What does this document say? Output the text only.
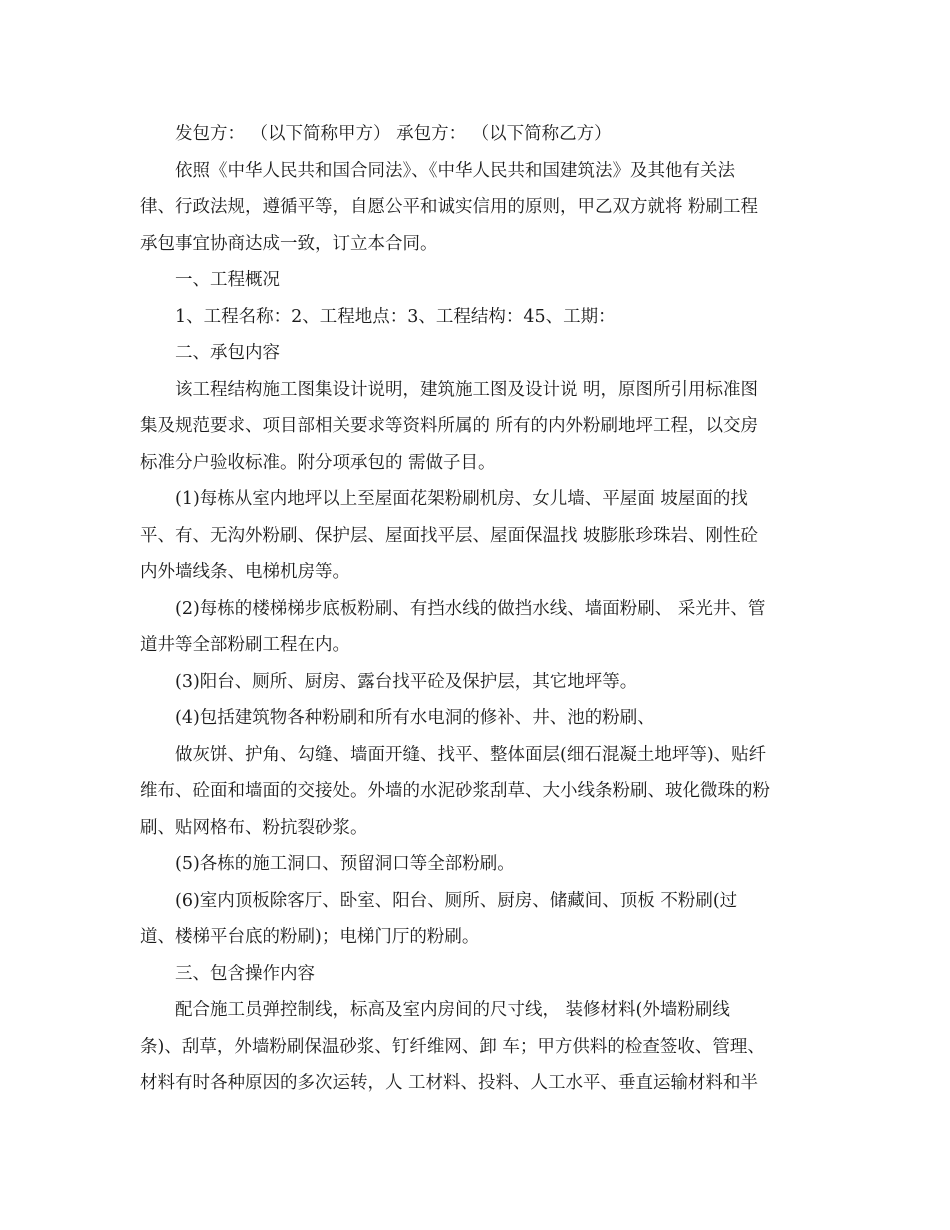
发包方： （以下简称甲方） 承包方： （以下简称乙方）

依照《中华人民共和国合同法》、《中华人民共和国建筑法》及其他有关法

律、行政法规，遵循平等，自愿公平和诚实信用的原则，甲乙双方就将 粉刷工程

承包事宜协商达成一致，订立本合同。

一、工程概况

1、工程名称：2、工程地点：3、工程结构：45、工期：

二、承包内容

该工程结构施工图集设计说明，建筑施工图及设计说 明，原图所引用标准图

集及规范要求、项目部相关要求等资料所属的 所有的内外粉刷地坪工程，以交房

标准分户验收标准。附分项承包的 需做子目。

(1)每栋从室内地坪以上至屋面花架粉刷机房、女儿墙、平屋面 坡屋面的找

平、有、无沟外粉刷、保护层、屋面找平层、屋面保温找 坡膨胀珍珠岩、刚性砼

内外墙线条、电梯机房等。

(2)每栋的楼梯梯步底板粉刷、有挡水线的做挡水线、墙面粉刷、 采光井、管

道井等全部粉刷工程在内。

(3)阳台、厕所、厨房、露台找平砼及保护层，其它地坪等。

(4)包括建筑物各种粉刷和所有水电洞的修补、井、池的粉刷、

做灰饼、护角、勾缝、墙面开缝、找平、整体面层(细石混凝土地坪等)、贴纤

维布、砼面和墙面的交接处。外墙的水泥砂浆刮草、大小线条粉刷、玻化微珠的粉

刷、贴网格布、粉抗裂砂浆。

(5)各栋的施工洞口、预留洞口等全部粉刷。

(6)室内顶板除客厅、卧室、阳台、厕所、厨房、储藏间、顶板 不粉刷(过

道、楼梯平台底的粉刷)；电梯门厅的粉刷。

三、包含操作内容

配合施工员弹控制线，标高及室内房间的尺寸线， 装修材料(外墙粉刷线

条)、刮草，外墙粉刷保温砂浆、钉纤维网、卸 车；甲方供料的检查签收、管理、

材料有时各种原因的多次运转，人 工材料、投料、人工水平、垂直运输材料和半
